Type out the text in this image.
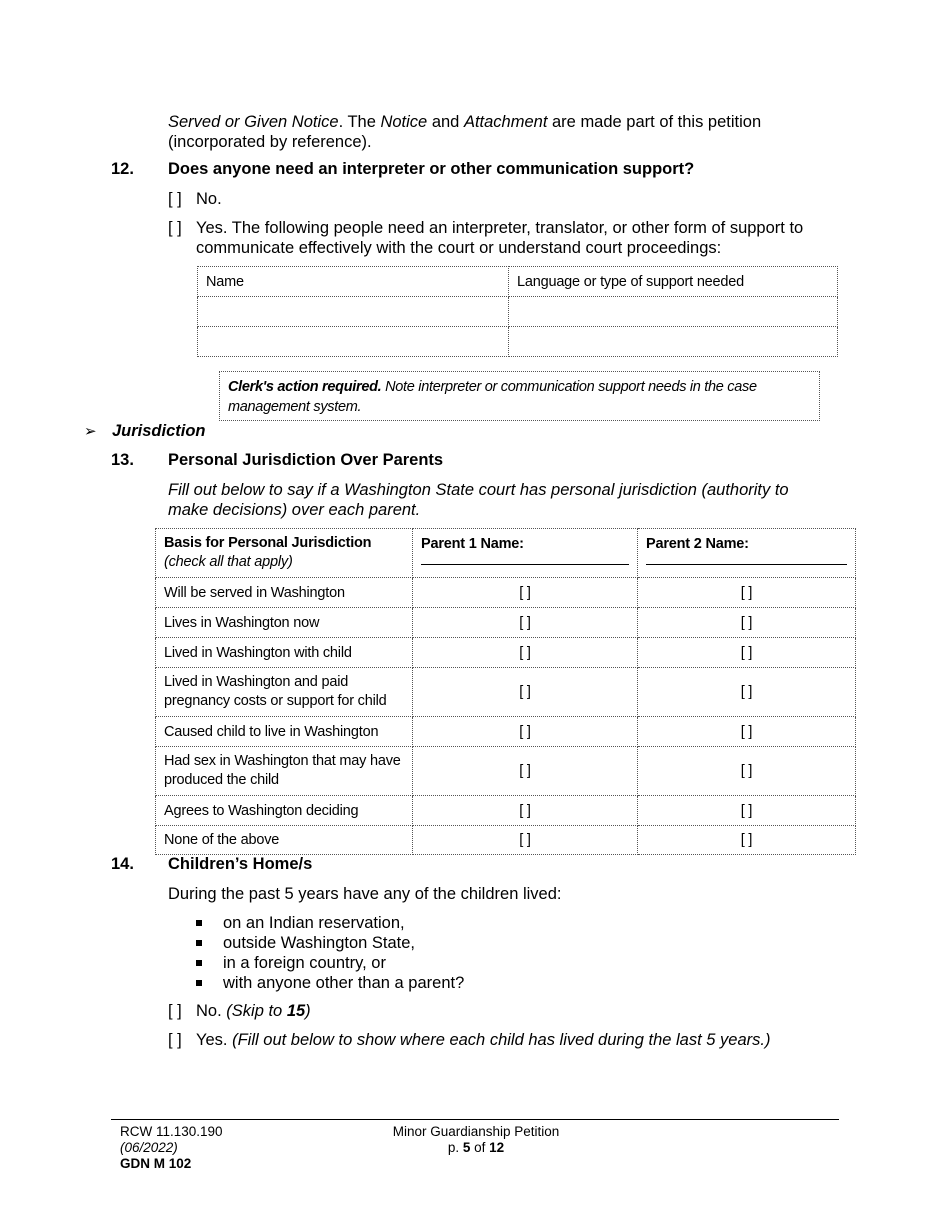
Served or Given Notice. The Notice and Attachment are made part of this petition
(incorporated by reference).
12. Does anyone need an interpreter or other communication support?
[ ] No.
[ ] Yes. The following people need an interpreter, translator, or other form of support to
communicate effectively with the court or understand court proceedings:
Name	Language or type of support needed

Clerk's action required. Note interpreter or communication support needs in the case
management system.
➢ Jurisdiction
13. Personal Jurisdiction Over Parents
Fill out below to say if a Washington State court has personal jurisdiction (authority to
make decisions) over each parent.
Basis for Personal Jurisdiction
(check all that apply)	Parent 1 Name:	Parent 2 Name:

Will be served in Washington	[ ]	[ ]
Lives in Washington now	[ ]	[ ]
Lived in Washington with child	[ ]	[ ]

Lived in Washington and paid
pregnancy costs or support for child	[ ]	[ ]
Caused child to live in Washington	[ ]	[ ]

Had sex in Washington that may have
produced the child	[ ]	[ ]
Agrees to Washington deciding	[ ]	[ ]
None of the above	[ ]	[ ]
14. Children’s Home/s
During the past 5 years have any of the children lived:
on an Indian reservation,
outside Washington State,
in a foreign country, or
with anyone other than a parent?
[ ] No. (Skip to 15)
[ ] Yes. (Fill out below to show where each child has lived during the last 5 years.)
RCW 11.130.190
(06/2022)
GDN M 102
Minor Guardianship Petition
p. 5 of 12
